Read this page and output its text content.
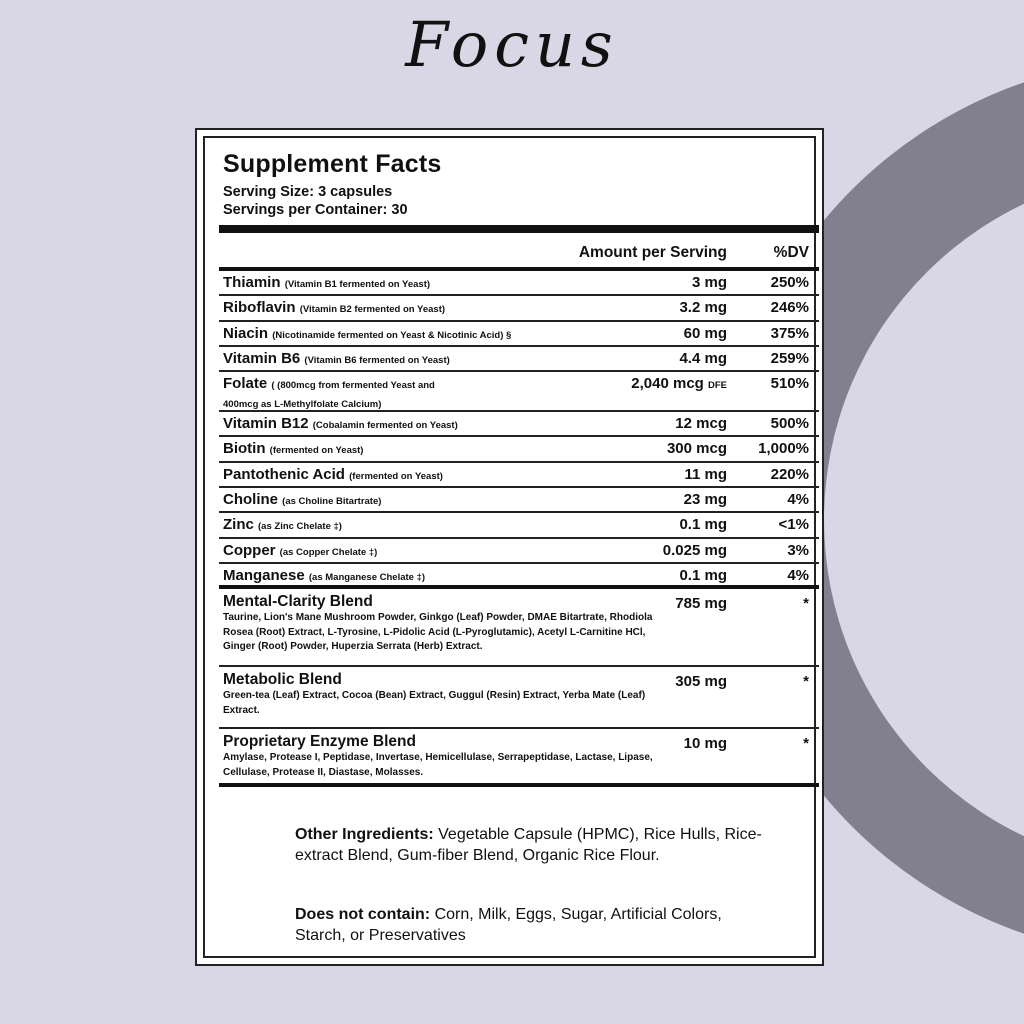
Focus
Supplement Facts
Serving Size: 3 capsules
Servings per Container: 30
Amount per Serving	%DV
Thiamin (Vitamin B1 fermented on Yeast)	3 mg	250%
Riboflavin (Vitamin B2 fermented on Yeast)	3.2 mg	246%
Niacin (Nicotinamide fermented on Yeast & Nicotinic Acid) §	60 mg	375%
Vitamin B6 (Vitamin B6 fermented on Yeast)	4.4 mg	259%
Folate ( (800mcg from fermented Yeast and
400mcg as L-Methylfolate Calcium)
2,040 mcg DFE	510%
Vitamin B12 (Cobalamin fermented on Yeast)	12 mcg	500%
Biotin (fermented on Yeast)	300 mcg 1,000%
Pantothenic Acid (fermented on Yeast)	11 mg	220%
Choline (as Choline Bitartrate)	23 mg	4%
Zinc (as Zinc Chelate ‡)	0.1 mg	<1%
Copper (as Copper Chelate ‡)	0.025 mg	3%
Manganese (as Manganese Chelate ‡)	0.1 mg	4%
Mental-Clarity Blend	785 mg	*
Taurine, Lion's Mane Mushroom Powder, Ginkgo (Leaf) Powder, DMAE Bitartrate, Rhodiola Rosea (Root) Extract, L-Tyrosine, L-Pidolic Acid (L-Pyroglutamic), Acetyl L-Carnitine HCl, Ginger (Root) Powder, Huperzia Serrata (Herb) Extract.
Metabolic Blend	305 mg	*
Green-tea (Leaf) Extract, Cocoa (Bean) Extract, Guggul (Resin) Extract, Yerba Mate (Leaf) Extract.
Proprietary Enzyme Blend	10 mg	*
Amylase, Protease I, Peptidase, Invertase, Hemicellulase, Serrapeptidase, Lactase, Lipase, Cellulase, Protease II, Diastase, Molasses.
Other Ingredients: Vegetable Capsule (HPMC), Rice Hulls, Rice-extract Blend, Gum-fiber Blend, Organic Rice Flour.
Does not contain: Corn, Milk, Eggs, Sugar, Artificial Colors, Starch, or Preservatives
